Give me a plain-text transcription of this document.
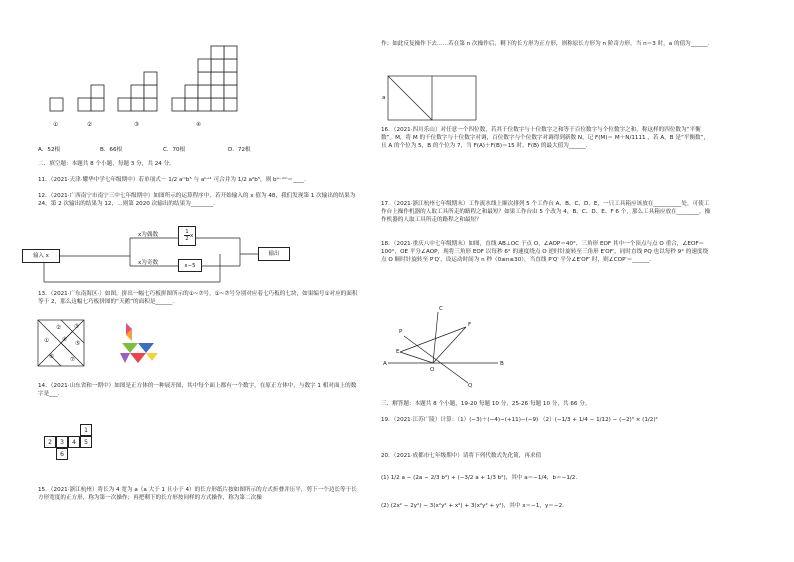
①	②	③	④
A．52根	B．66根	C．70根	D．72根
二、填空题：本题共 8 个小题，每题 3 分，共 24 分。
11．（2021·天津·耀华中学七年级期中）若单项式－ 1/2 aᵐb⁵ 与 aᵇ⁺¹ 可合并为 1/2 a²b⁵，则 bᵃ⁻ᵐⁿ＝____.
12．（2021·广西南宁市南宁三中七年级期中）如图所示的运算程序中，若开始输入的 x 值为 48，我们发现第 1 次输出的结果为 24，第 2 次输出的结果为 12，…则第 2020 次输出的结果为________.
输入 x
x为偶数
x为奇数
$\frac{1}{2}$
x
x−5
输出
13．（2021·广东南海区·）如图，拼出一幅七巧板拼图所示的①~⑦号，①~⑦号分别对应着七巧板的七块，如果编号①对应的面积等于 2，那么这幅七巧板拼图的“天鹅”的面积是______.
①
② ③
④
⑤
⑥	⑦
14．（2021·山东省和一期中）如图是正方体的一种展开图，其中每个面上都有一个数字，在原正方体中，与数字 1 相对面上的数字是___.
1
2	3	4	5
6
15．（2021·浙江杭州）将长为 4 宽为 a（a 大于 1 且小于 4）的长方形纸片按如图所示的方式折叠并压平，剪下一个边长等于长方形宽度的正方形，称为第一次操作；再把剩下的长方形按同样的方式操作，称为第二次操
作；如此反复操作下去……若在第 n 次操作后，剩下的长方形为正方形，则称原长方形为 n 阶奇方形，当 n＝3 时，a 的值为______.
a
16．（2021·四川乐山）对任意一个四位数，若其千位数字与十位数字之和等于百位数字与个位数字之和，称这样的四位数为“平衡数”。M，将 M 的千位数字与十位数字对调，百位数字与个位数字对调得到新数 N，记 F(M)＝ M＋N/1111 ，若 A，B 是“平衡数”，且 A 的个位为 5，B 的个位为 7，当 F(A)＋F(B)＝15 时，F(B) 的最大值为______.
17．（2021·浙江杭州七年级期末）工作流水线上顺次排列 5 个工作台 A、B、C、D、E，一只工具箱应该放在__________处，可使工作台上操作机器的人取工具所走的路程之和最短？如果工作台由 5 个改为 4，B、C、D、E、F 6 个，那么工具箱应放在________，操作机器的人取工具所走的路程之和最短？
18．（2021·重庆八中七年级期末）如图，直线 AB⊥OC 于点 O，∠AOP＝40°，三角形 EOF 其中一个顶点与点 O 重合，∠EOF＝100°，OE 平分∠AOP，现将三角形 EOF 以每秒 6° 的速度绕点 O 逆时针旋转至三角形 E′OF′，同时直线 PQ 也以每秒 9° 的速度绕点 O 顺时针旋转至 P′Q′，设运动时间为 n 秒（0≤n≤30），当直线 P′Q′ 平分∠E′OF′ 时，则∠COP′＝______.
C
F
P
E
A
O
B
Q
三、解答题：本题共 8 个小题，19-20 每题 10 分，25-26 每题 10 分，共 66 分。
19．（2021·江苏广陵）计算：（1）(−3)＋(−4)−(+11)−(−9) （2）(−1/3 + 1/4 − 1/12) − (−2)³ × (1/2)²
20．（2021·成都市七年级期中）请将下列代数式先化简，再求值
(1) 1/2 a − (2a − 2/3 b²) + (−3/2 a + 1/3 b²)，其中 a＝−1/4，b＝−1/2.
(2) (2x² − 2y²) − 3(x²y² + x²) + 3(x²y² + y²)，其中 x＝−1，y＝−2.
